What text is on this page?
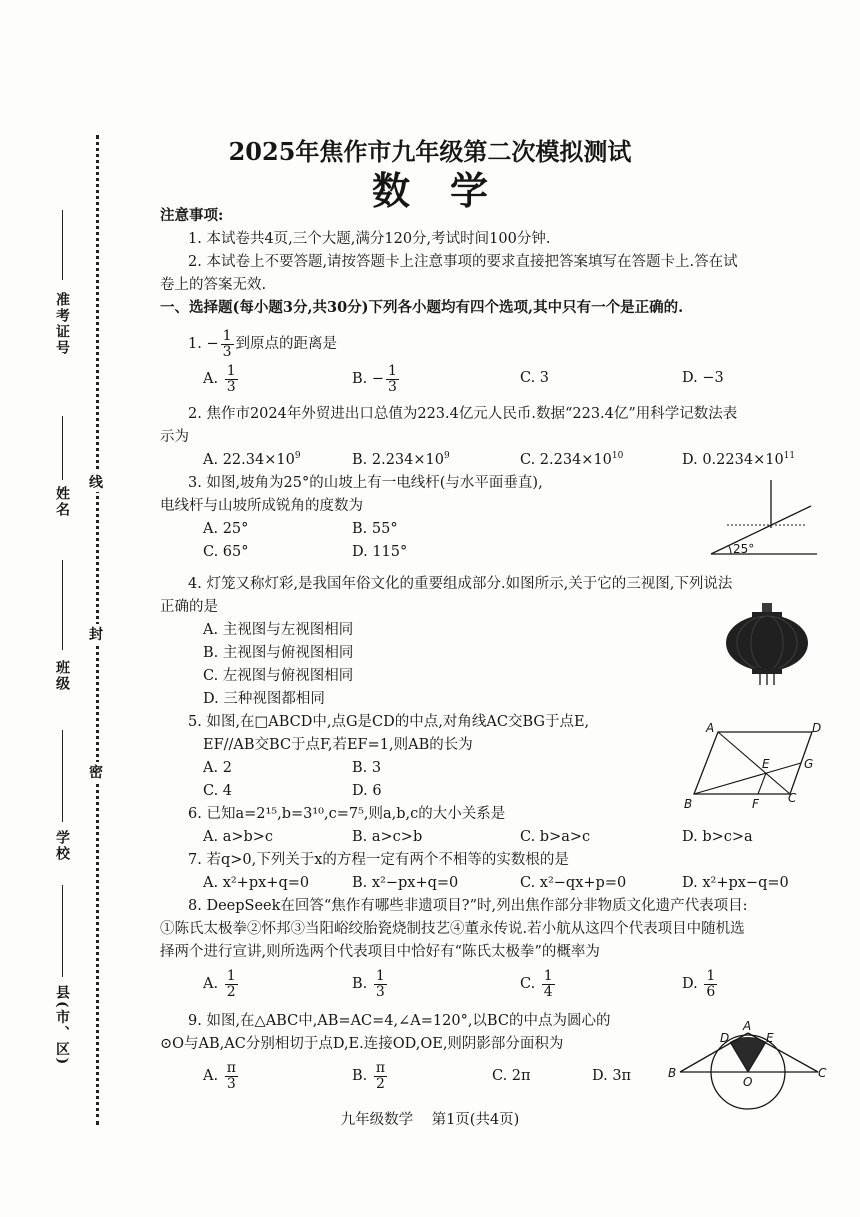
准考证号
姓名
班级
学校
县(市、区)
线
封
密
2025年焦作市九年级第二次模拟测试
数学
注意事项:
1. 本试卷共4页,三个大题,满分120分,考试时间100分钟.
2. 本试卷上不要答题,请按答题卡上注意事项的要求直接把答案填写在答题卡上.答在试
卷上的答案无效.
一、选择题(每小题3分,共30分)下列各小题均有四个选项,其中只有一个是正确的.
1. − $\frac{1}{3}$ 到原点的距离是
A. $\frac{1}{3}$	B. − $\frac{1}{3}$	C. 3	D. −3
2. 焦作市2024年外贸进出口总值为223.4亿元人民币.数据“223.4亿”用科学记数法表
示为
A. $22.34\times 10^9$	B. $2.234\times 10^9$	C. $2.234\times 10^{10}$	D. $0.2234\times 10^{11}$
3. 如图,坡角为25°的山坡上有一电线杆(与水平面垂直),
电线杆与山坡所成锐角的度数为
A. 25°	B. 55°
C. 65°	D. 115°	25°
4. 灯笼又称灯彩,是我国年俗文化的重要组成部分.如图所示,关于它的三视图,下列说法
正确的是
A. 主视图与左视图相同
B. 主视图与俯视图相同
C. 左视图与俯视图相同
D. 三种视图都相同
5. 如图,在□ABCD中,点G是CD的中点,对角线AC交BG于点E,
EF//AB交BC于点F,若EF=1,则AB的长为
A. 2	B. 3
C. 4	D. 6
A	D
E	G
B	F C
6. 已知a=2¹⁵,b=3¹⁰,c=7⁵,则a,b,c的大小关系是
A. a>b>c	B. a>c>b	C. b>a>c	D. b>c>a
7. 若q>0,下列关于x的方程一定有两个不相等的实数根的是
A. x²+px+q=0	B. x²−px+q=0	C. x²−qx+p=0	D. x²+px−q=0
8. DeepSeek在回答“焦作有哪些非遗项目?”时,列出焦作部分非物质文化遗产代表项目:
①陈氏太极拳②怀邦③当阳峪绞胎瓷烧制技艺④董永传说.若小航从这四个代表项目中随机选
择两个进行宣讲,则所选两个代表项目中恰好有“陈氏太极拳”的概率为
A. $\frac{1}{2}$	B. $\frac{1}{3}$	C. $\frac{1}{4}$	D. $\frac{1}{6}$
9. 如图,在△ABC中,AB=AC=4,∠A=120°,以BC的中点为圆心的
⊙O与AB,AC分别相切于点D,E.连接OD,OE,则阴影部分面积为
A. $\frac{\pi}{3}$	B. $\frac{\pi}{2}$	C. 2π	D. 3π
D
A
E
B
O
C
九年级数学    第1页(共4页)
